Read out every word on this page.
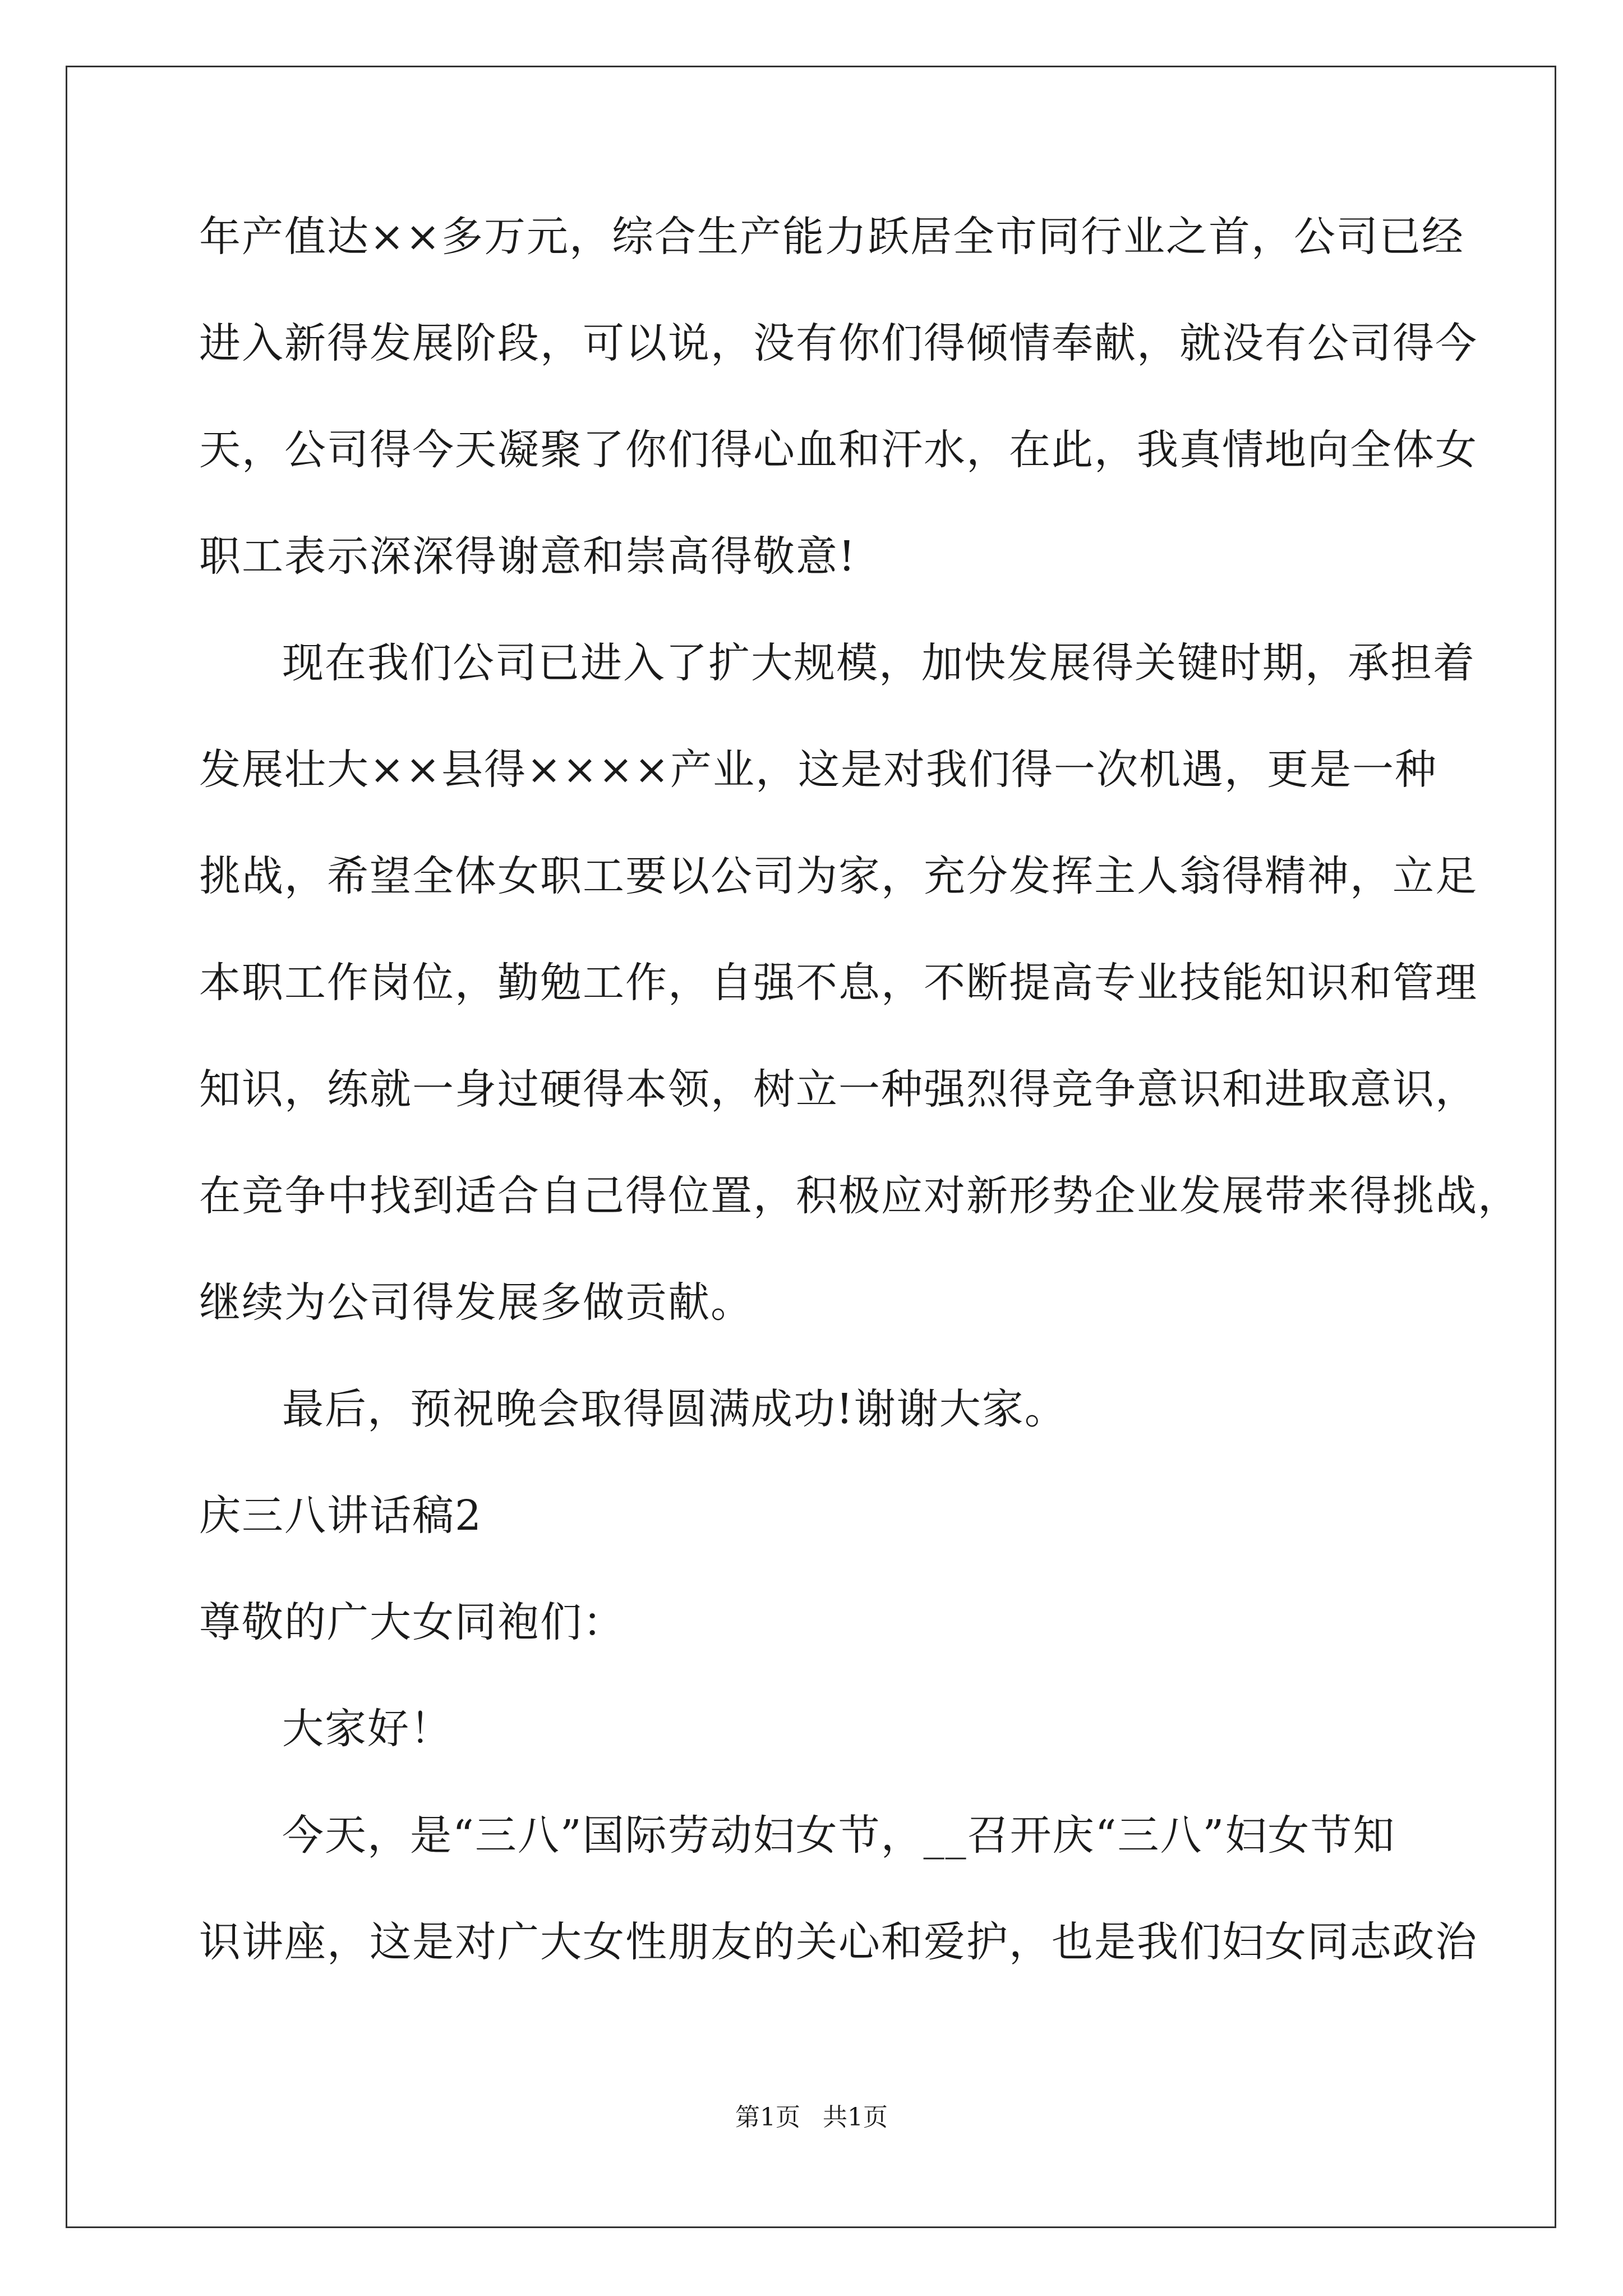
年产值达××多万元，综合生产能力跃居全市同行业之首，公司已经
进入新得发展阶段，可以说，没有你们得倾情奉献，就没有公司得今
天，公司得今天凝聚了你们得心血和汗水，在此，我真情地向全体女
职工表示深深得谢意和崇高得敬意!
现在我们公司已进入了扩大规模，加快发展得关键时期，承担着
发展壮大××县得××××产业，这是对我们得一次机遇，更是一种
挑战，希望全体女职工要以公司为家，充分发挥主人翁得精神，立足
本职工作岗位，勤勉工作，自强不息，不断提高专业技能知识和管理
知识，练就一身过硬得本领，树立一种强烈得竞争意识和进取意识，
在竞争中找到适合自己得位置，积极应对新形势企业发展带来得挑战，
继续为公司得发展多做贡献。
最后，预祝晚会取得圆满成功!谢谢大家。
庆三八讲话稿2
尊敬的广大女同袍们：
大家好！
今天，是“三八”国际劳动妇女节，__召开庆“三八”妇女节知
识讲座，这是对广大女性朋友的关心和爱护，也是我们妇女同志政治
第1页 共1页
